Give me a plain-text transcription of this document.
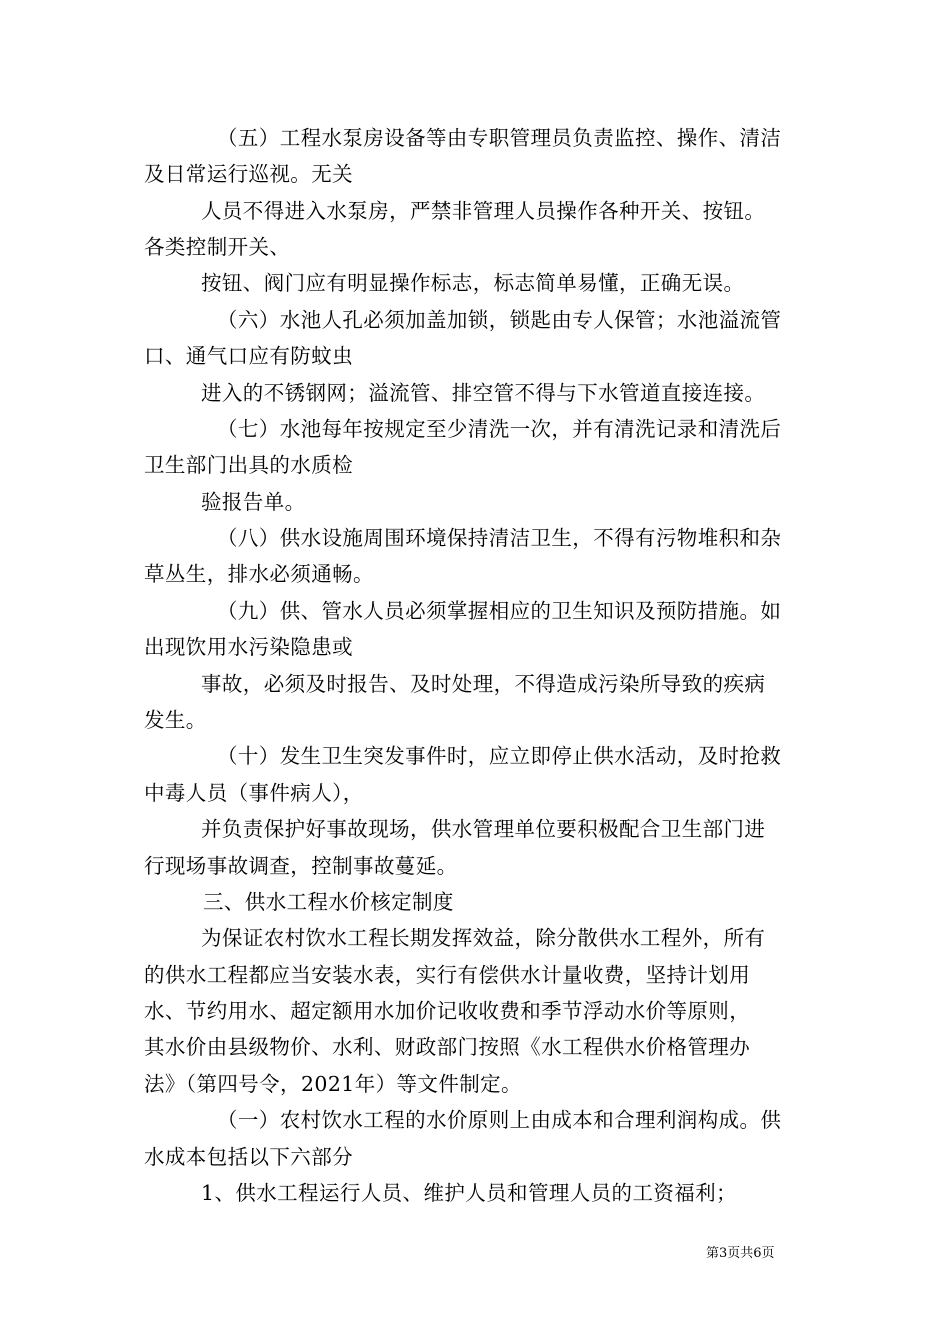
（五）工程水泵房设备等由专职管理员负责监控、操作、清洁
及日常运行巡视。无关
人员不得进入水泵房，严禁非管理人员操作各种开关、按钮。
各类控制开关、
按钮、阀门应有明显操作标志，标志简单易懂，正确无误。
（六）水池人孔必须加盖加锁，锁匙由专人保管；水池溢流管
口、通气口应有防蚊虫
进入的不锈钢网；溢流管、排空管不得与下水管道直接连接。
（七）水池每年按规定至少清洗一次，并有清洗记录和清洗后
卫生部门出具的水质检
验报告单。
（八）供水设施周围环境保持清洁卫生，不得有污物堆积和杂
草丛生，排水必须通畅。
（九）供、管水人员必须掌握相应的卫生知识及预防措施。如
出现饮用水污染隐患或
事故，必须及时报告、及时处理，不得造成污染所导致的疾病
发生。
（十）发生卫生突发事件时，应立即停止供水活动，及时抢救
中毒人员（事件病人），
并负责保护好事故现场，供水管理单位要积极配合卫生部门进
行现场事故调查，控制事故蔓延。
三、供水工程水价核定制度
为保证农村饮水工程长期发挥效益，除分散供水工程外，所有
的供水工程都应当安装水表，实行有偿供水计量收费，坚持计划用
水、节约用水、超定额用水加价记收收费和季节浮动水价等原则，
其水价由县级物价、水利、财政部门按照《水工程供水价格管理办
法》（第四号令，2021年）等文件制定。
（一）农村饮水工程的水价原则上由成本和合理利润构成。供
水成本包括以下六部分
1、供水工程运行人员、维护人员和管理人员的工资福利；
第3页共6页
